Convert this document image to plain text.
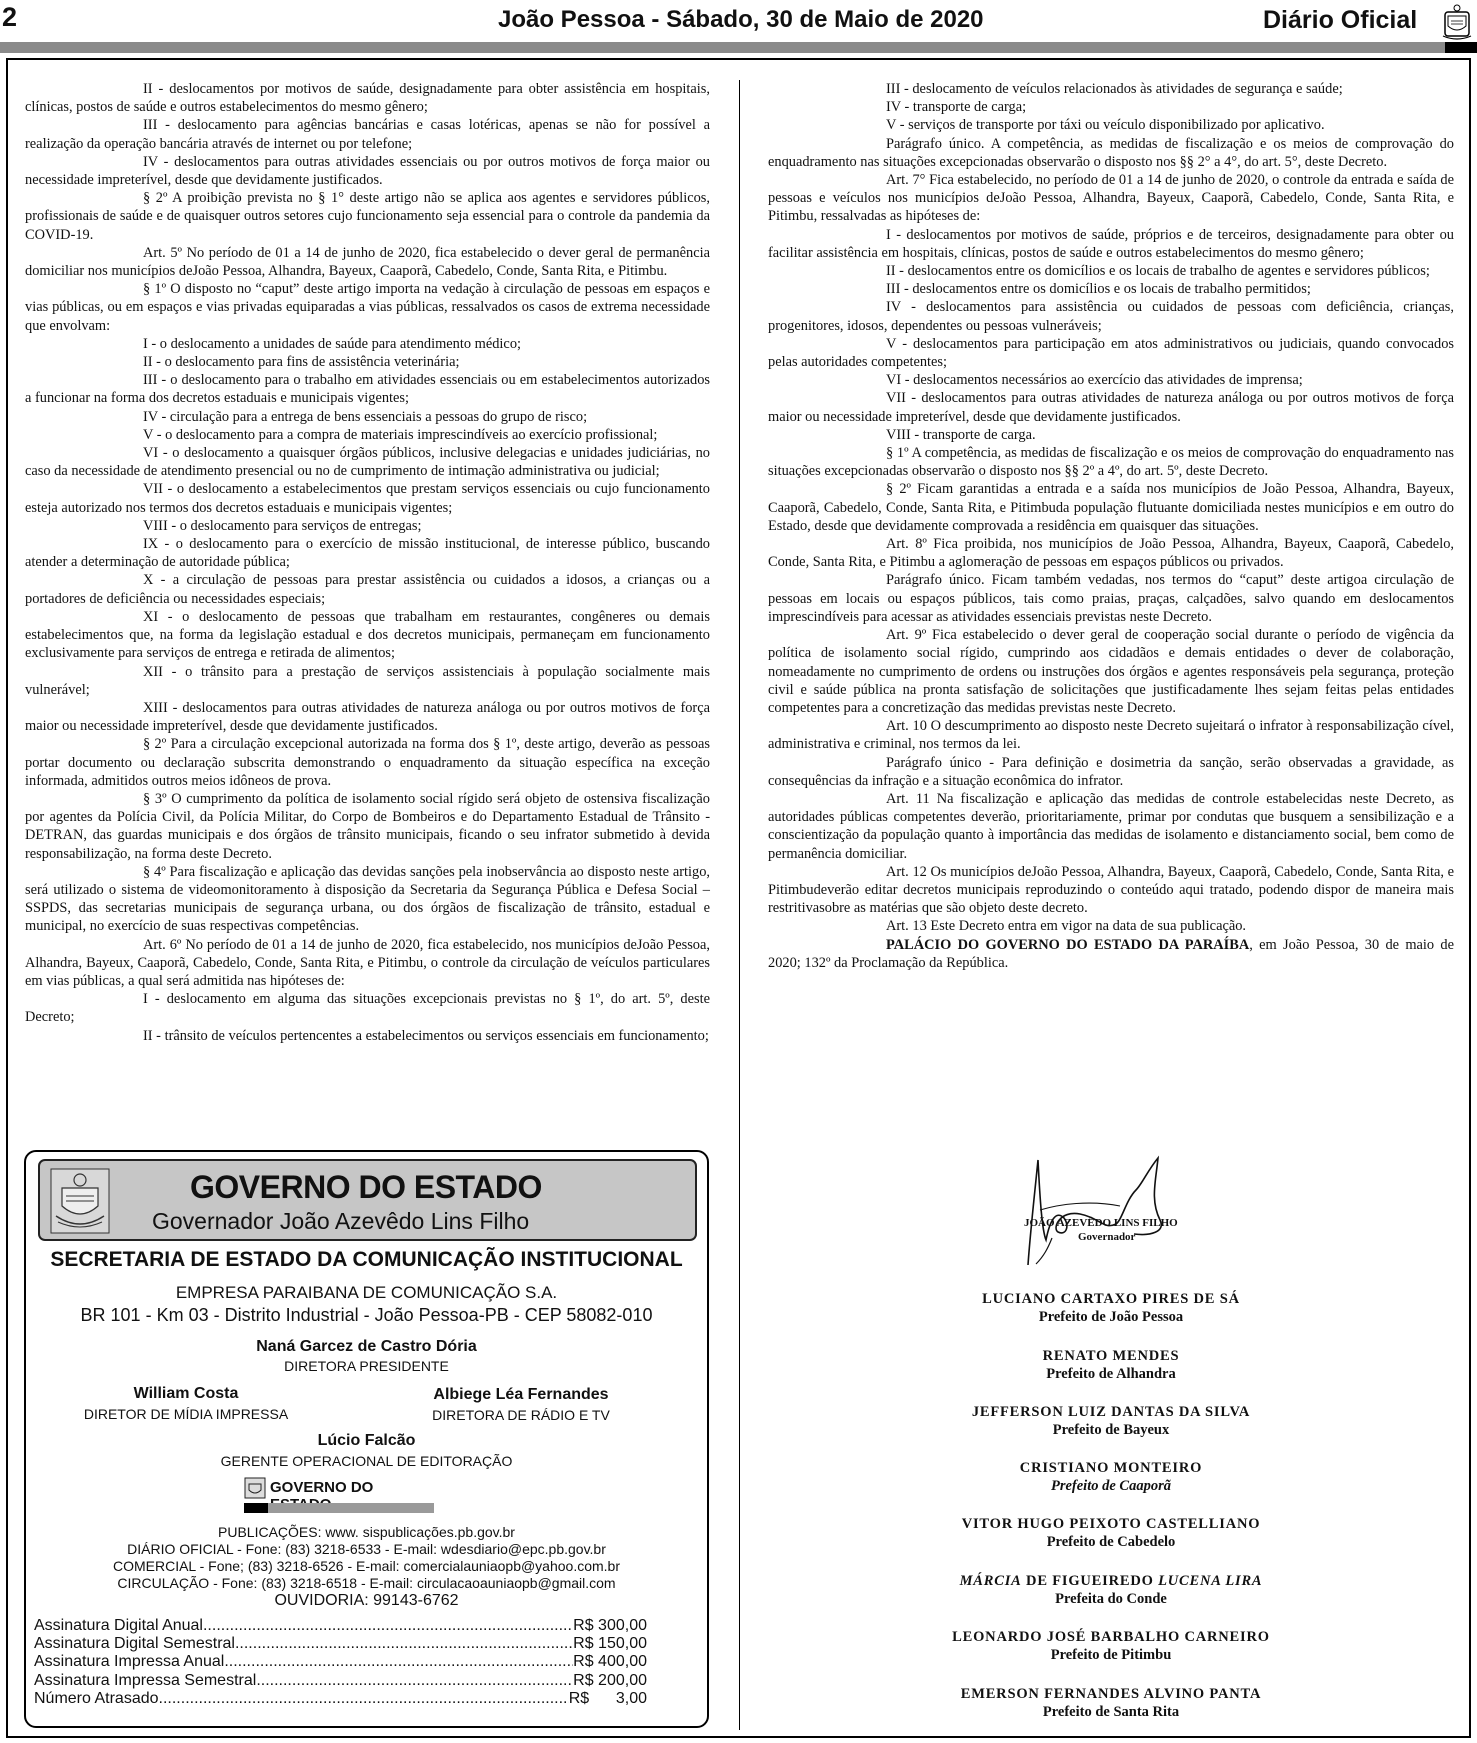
2	João Pessoa - Sábado, 30 de Maio de 2020	Diário Oficial

II - deslocamentos por motivos de saúde, designadamente para obter assistência em hospitais, clínicas, postos de saúde e outros estabelecimentos do mesmo gênero;

III - deslocamento para agências bancárias e casas lotéricas, apenas se não for possível a realização da operação bancária através de internet ou por telefone;

IV - deslocamentos para outras atividades essenciais ou por outros motivos de força maior ou necessidade impreterível, desde que devidamente justificados.

§ 2º A proibição prevista no § 1° deste artigo não se aplica aos agentes e servidores públicos, profissionais de saúde e de quaisquer outros setores cujo funcionamento seja essencial para o controle da pandemia da COVID-19.

Art. 5º No período de 01 a 14 de junho de 2020, fica estabelecido o dever geral de permanência domiciliar nos municípios deJoão Pessoa, Alhandra, Bayeux, Caaporã, Cabedelo, Conde, Santa Rita, e Pitimbu.

§ 1º O disposto no “caput” deste artigo importa na vedação à circulação de pessoas em espaços e vias públicas, ou em espaços e vias privadas equiparadas a vias públicas, ressalvados os casos de extrema necessidade que envolvam:

I - o deslocamento a unidades de saúde para atendimento médico;

II - o deslocamento para fins de assistência veterinária;

III - o deslocamento para o trabalho em atividades essenciais ou em estabelecimentos autorizados a funcionar na forma dos decretos estaduais e municipais vigentes;

IV - circulação para a entrega de bens essenciais a pessoas do grupo de risco;

V - o deslocamento para a compra de materiais imprescindíveis ao exercício profissional;

VI - o deslocamento a quaisquer órgãos públicos, inclusive delegacias e unidades judiciárias, no caso da necessidade de atendimento presencial ou no de cumprimento de intimação administrativa ou judicial;

VII - o deslocamento a estabelecimentos que prestam serviços essenciais ou cujo funcionamento esteja autorizado nos termos dos decretos estaduais e municipais vigentes;

VIII - o deslocamento para serviços de entregas;

IX - o deslocamento para o exercício de missão institucional, de interesse público, buscando atender a determinação de autoridade pública;

X - a circulação de pessoas para prestar assistência ou cuidados a idosos, a crianças ou a portadores de deficiência ou necessidades especiais;

XI - o deslocamento de pessoas que trabalham em restaurantes, congêneres ou demais estabelecimentos que, na forma da legislação estadual e dos decretos municipais, permaneçam em funcionamento exclusivamente para serviços de entrega e retirada de alimentos;

XII - o trânsito para a prestação de serviços assistenciais à população socialmente mais vulnerável;

XIII - deslocamentos para outras atividades de natureza análoga ou por outros motivos de força maior ou necessidade impreterível, desde que devidamente justificados.

§ 2º Para a circulação excepcional autorizada na forma dos § 1º, deste artigo, deverão as pessoas portar documento ou declaração subscrita demonstrando o enquadramento da situação específica na exceção informada, admitidos outros meios idôneos de prova.

§ 3º O cumprimento da política de isolamento social rígido será objeto de ostensiva fiscalização por agentes da Polícia Civil, da Polícia Militar, do Corpo de Bombeiros e do Departamento Estadual de Trânsito - DETRAN, das guardas municipais e dos órgãos de trânsito municipais, ficando o seu infrator submetido à devida responsabilização, na forma deste Decreto.

§ 4º Para fiscalização e aplicação das devidas sanções pela inobservância ao disposto neste artigo, será utilizado o sistema de videomonitoramento à disposição da Secretaria da Segurança Pública e Defesa Social – SSPDS, das secretarias municipais de segurança urbana, ou dos órgãos de fiscalização de trânsito, estadual e municipal, no exercício de suas respectivas competências.

Art. 6º No período de 01 a 14 de junho de 2020, fica estabelecido, nos municípios deJoão Pessoa, Alhandra, Bayeux, Caaporã, Cabedelo, Conde, Santa Rita, e Pitimbu, o controle da circulação de veículos particulares em vias públicas, a qual será admitida nas hipóteses de:

I - deslocamento em alguma das situações excepcionais previstas no § 1º, do art. 5º, deste Decreto;

II - trânsito de veículos pertencentes a estabelecimentos ou serviços essenciais em funcionamento;

III - deslocamento de veículos relacionados às atividades de segurança e saúde;

IV - transporte de carga;

V - serviços de transporte por táxi ou veículo disponibilizado por aplicativo.

Parágrafo único. A competência, as medidas de fiscalização e os meios de comprovação do enquadramento nas situações excepcionadas observarão o disposto nos §§ 2° a 4°, do art. 5°, deste Decreto.

Art. 7° Fica estabelecido, no período de 01 a 14 de junho de 2020, o controle da entrada e saída de pessoas e veículos nos municípios deJoão Pessoa, Alhandra, Bayeux, Caaporã, Cabedelo, Conde, Santa Rita, e Pitimbu, ressalvadas as hipóteses de:

I - deslocamentos por motivos de saúde, próprios e de terceiros, designadamente para obter ou facilitar assistência em hospitais, clínicas, postos de saúde e outros estabelecimentos do mesmo gênero;

II - deslocamentos entre os domicílios e os locais de trabalho de agentes e servidores públicos;

III - deslocamentos entre os domicílios e os locais de trabalho permitidos;

IV - deslocamentos para assistência ou cuidados de pessoas com deficiência, crianças, progenitores, idosos, dependentes ou pessoas vulneráveis;

V - deslocamentos para participação em atos administrativos ou judiciais, quando convocados pelas autoridades competentes;

VI - deslocamentos necessários ao exercício das atividades de imprensa;

VII - deslocamentos para outras atividades de natureza análoga ou por outros motivos de força maior ou necessidade impreterível, desde que devidamente justificados.

VIII - transporte de carga.

§ 1º A competência, as medidas de fiscalização e os meios de comprovação do enquadramento nas situações excepcionadas observarão o disposto nos §§ 2º a 4º, do art. 5º, deste Decreto.

§ 2º Ficam garantidas a entrada e a saída nos municípios de João Pessoa, Alhandra, Bayeux, Caaporã, Cabedelo, Conde, Santa Rita, e Pitimbuda população flutuante domiciliada nestes municípios e em outro do Estado, desde que devidamente comprovada a residência em quaisquer das situações.

Art. 8º Fica proibida, nos municípios de João Pessoa, Alhandra, Bayeux, Caaporã, Cabedelo, Conde, Santa Rita, e Pitimbu a aglomeração de pessoas em espaços públicos ou privados.

Parágrafo único. Ficam também vedadas, nos termos do “caput” deste artigoa circulação de pessoas em locais ou espaços públicos, tais como praias, praças, calçadões, salvo quando em deslocamentos imprescindíveis para acessar as atividades essenciais previstas neste Decreto.

Art. 9º Fica estabelecido o dever geral de cooperação social durante o período de vigência da política de isolamento social rígido, cumprindo aos cidadãos e demais entidades o dever de colaboração, nomeadamente no cumprimento de ordens ou instruções dos órgãos e agentes responsáveis pela segurança, proteção civil e saúde pública na pronta satisfação de solicitações que justificadamente lhes sejam feitas pelas entidades competentes para a concretização das medidas previstas neste Decreto.

Art. 10 O descumprimento ao disposto neste Decreto sujeitará o infrator à responsabilização cível, administrativa e criminal, nos termos da lei.

Parágrafo único - Para definição e dosimetria da sanção, serão observadas a gravidade, as consequências da infração e a situação econômica do infrator.

Art. 11 Na fiscalização e aplicação das medidas de controle estabelecidas neste Decreto, as autoridades públicas competentes deverão, prioritariamente, primar por condutas que busquem a sensibilização e a conscientização da população quanto à importância das medidas de isolamento e distanciamento social, bem como de permanência domiciliar.

Art. 12 Os municípios deJoão Pessoa, Alhandra, Bayeux, Caaporã, Cabedelo, Conde, Santa Rita, e Pitimbudeverão editar decretos municipais reproduzindo o conteúdo aqui tratado, podendo dispor de maneira mais restritivasobre as matérias que são objeto deste decreto.

Art. 13 Este Decreto entra em vigor na data de sua publicação.

PALÁCIO DO GOVERNO DO ESTADO DA PARAÍBA, em João Pessoa, 30 de maio de 2020; 132º da Proclamação da República.

JOÃO AZEVÊDO LINS FILHO
Governador
LUCIANO CARTAXO PIRES DE SÁ
Prefeito de João Pessoa
RENATO MENDES
Prefeito de Alhandra
JEFFERSON LUIZ DANTAS DA SILVA
Prefeito de Bayeux
CRISTIANO MONTEIRO
Prefeito de Caaporã
VITOR HUGO PEIXOTO CASTELLIANO
Prefeito de Cabedelo
MÁRCIA DE FIGUEIREDO LUCENA LIRA
Prefeita do Conde
LEONARDO JOSÉ BARBALHO CARNEIRO
Prefeito de Pitimbu
EMERSON FERNANDES ALVINO PANTA
Prefeito de Santa Rita
GOVERNO DO ESTADO
Governador João Azevêdo Lins Filho
SECRETARIA DE ESTADO DA COMUNICAÇÃO INSTITUCIONAL
EMPRESA PARAIBANA DE COMUNICAÇÃO S.A.
BR 101 - Km 03 - Distrito Industrial - João Pessoa-PB - CEP 58082-010
Naná Garcez de Castro Dória
DIRETORA PRESIDENTE
William Costa
DIRETOR DE MÍDIA IMPRESSA
Albiege Léa Fernandes
DIRETORA DE RÁDIO E TV
Lúcio Falcão
GERENTE OPERACIONAL DE EDITORAÇÃO
GOVERNO DO
PUBLICAÇÕES: www. sispublicações.pb.gov.br
DIÁRIO OFICIAL - Fone: (83) 3218-6533 - E-mail: wdesdiario@epc.pb.gov.br
COMERCIAL - Fone; (83) 3218-6526 - E-mail: comercialauniaopb@yahoo.com.br
CIRCULAÇÃO - Fone: (83) 3218-6518 - E-mail: circulacaoauniaopb@gmail.com
OUVIDORIA: 99143-6762
Assinatura Digital Anual .....	R$ 300,00
Assinatura Digital Semestral .....	R$ 150,00
Assinatura Impressa Anual .....	R$ 400,00
Assinatura Impressa Semestral .....	R$ 200,00
Número Atrasado .....	R$      3,00
